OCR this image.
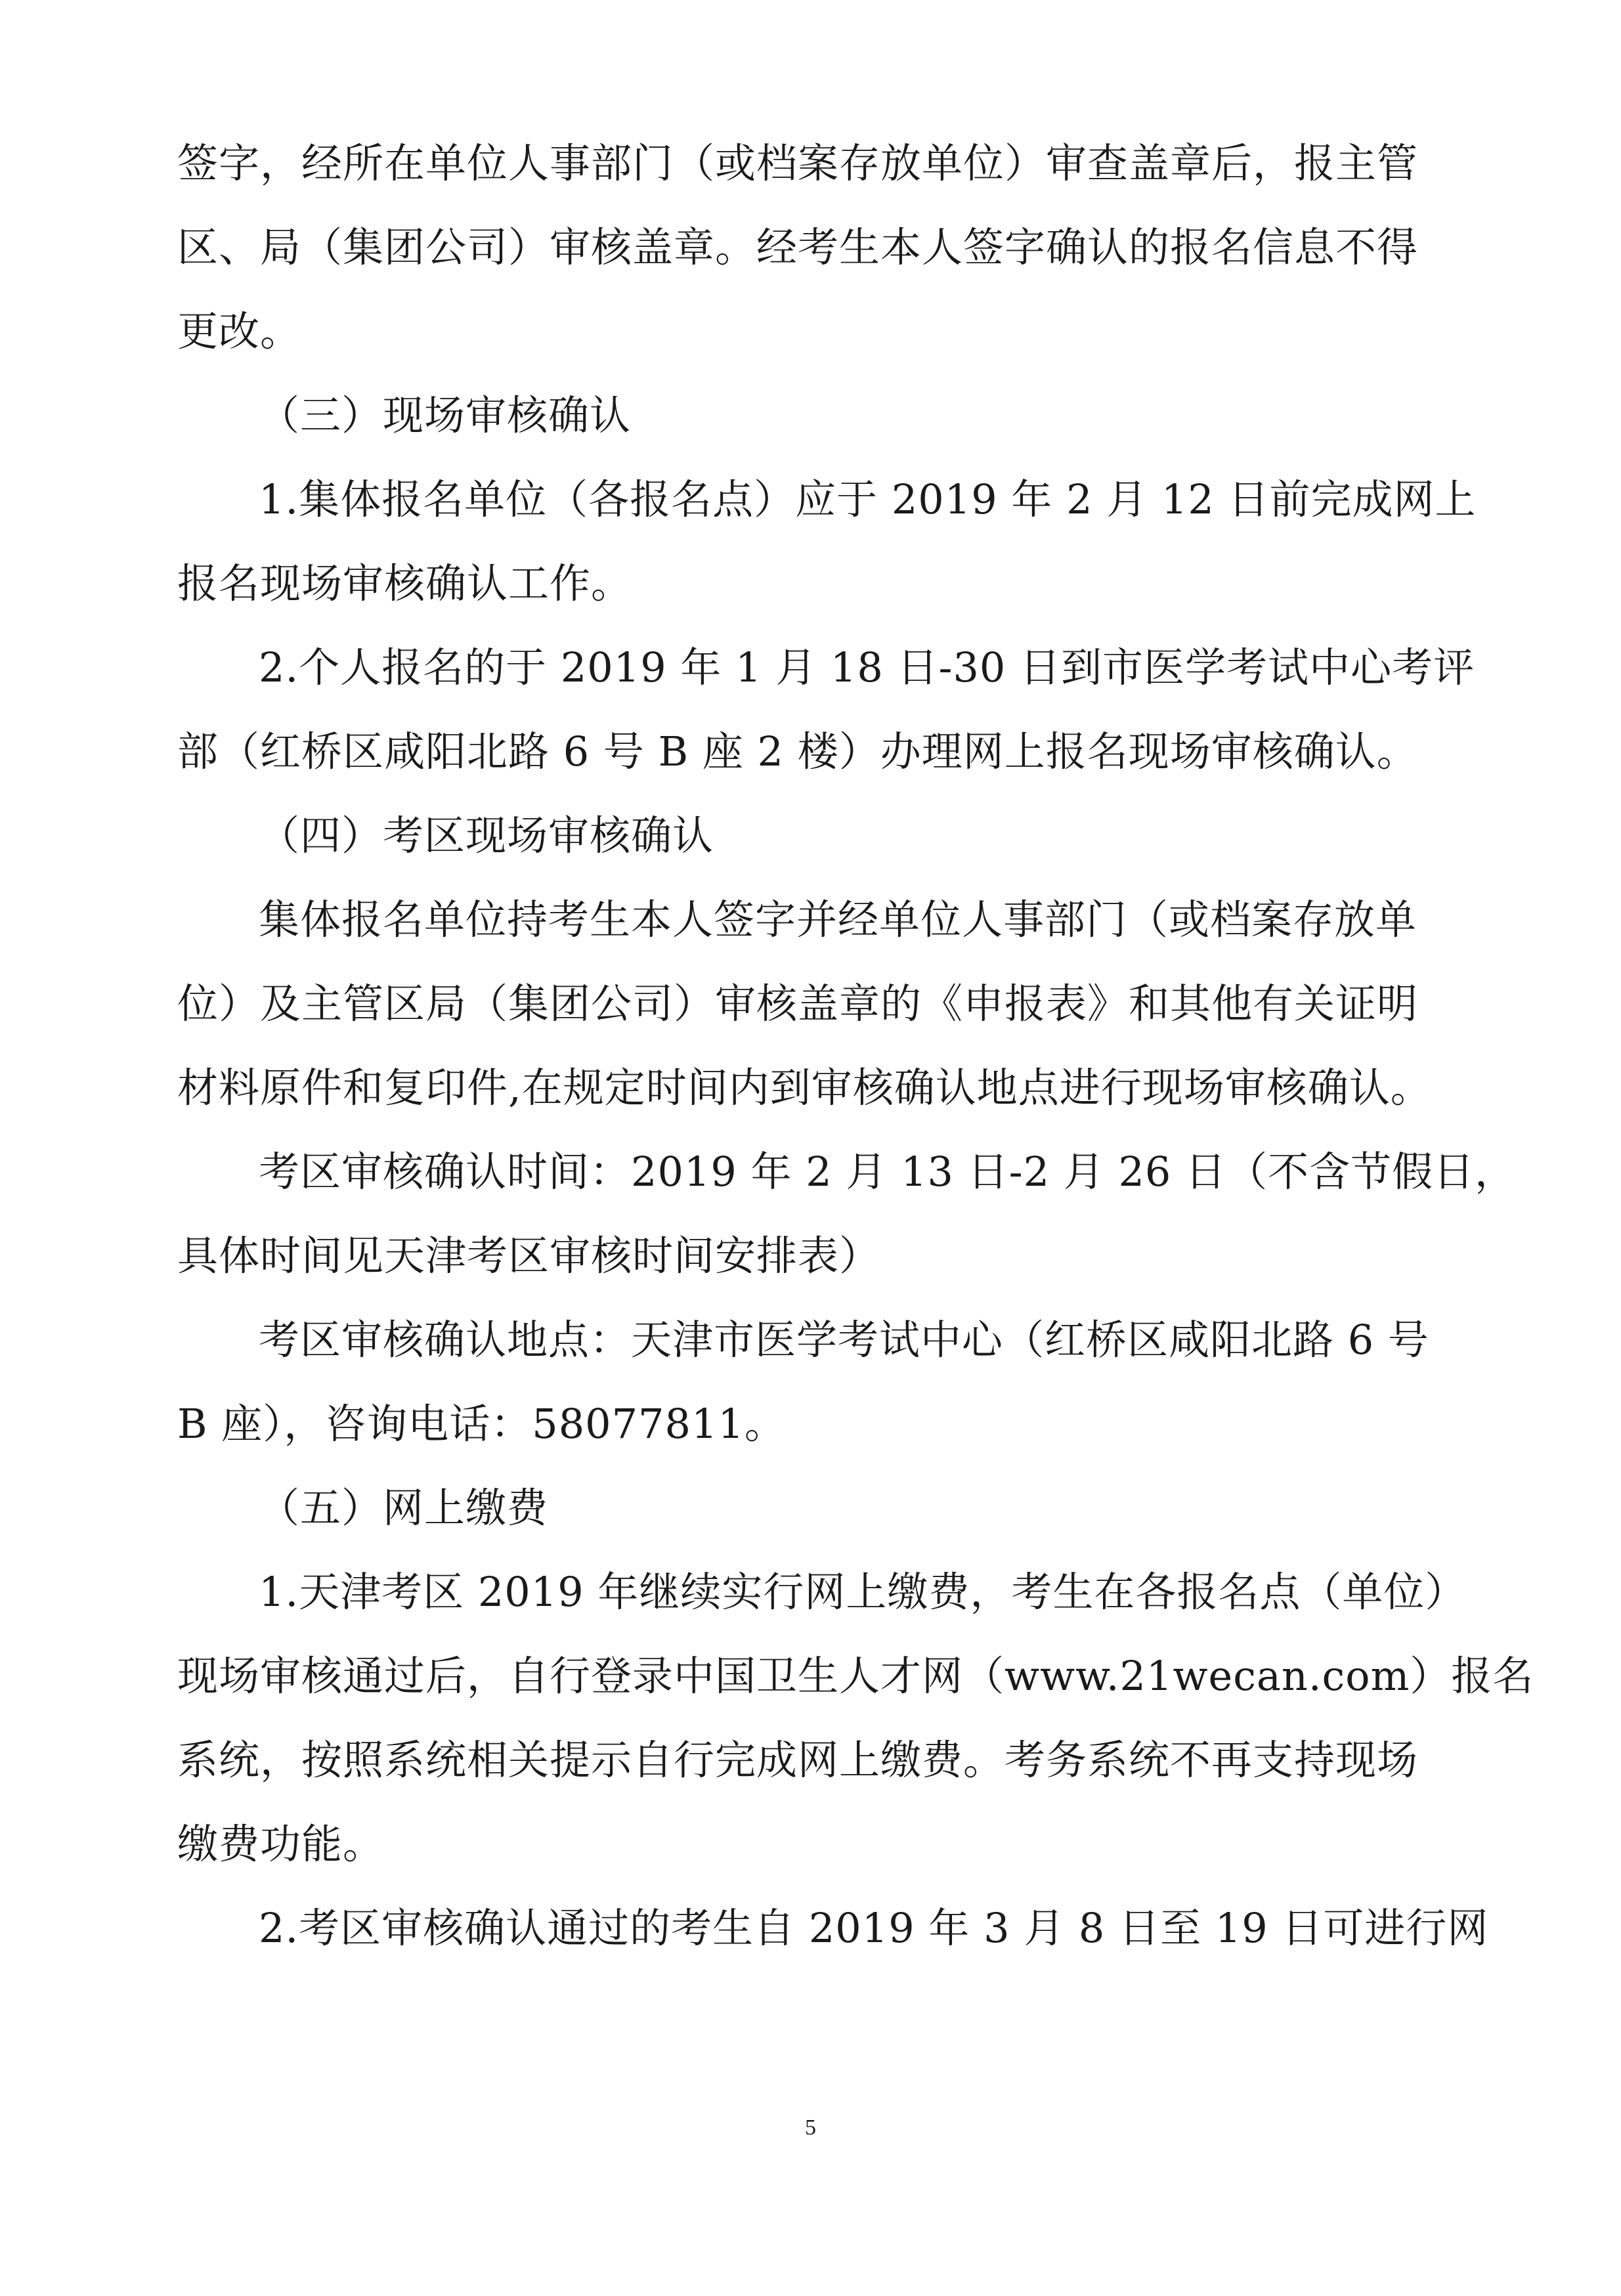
签字，经所在单位人事部门（或档案存放单位）审查盖章后，报主管
区、局（集团公司）审核盖章。经考生本人签字确认的报名信息不得
更改。
（三）现场审核确认
1.集体报名单位（各报名点）应于 2019 年 2 月 12 日前完成网上
报名现场审核确认工作。
2.个人报名的于 2019 年 1 月 18 日-30 日到市医学考试中心考评
部（红桥区咸阳北路 6 号 B 座 2 楼）办理网上报名现场审核确认。
（四）考区现场审核确认
集体报名单位持考生本人签字并经单位人事部门（或档案存放单
位）及主管区局（集团公司）审核盖章的《申报表》和其他有关证明
材料原件和复印件,在规定时间内到审核确认地点进行现场审核确认。
考区审核确认时间：2019 年 2 月 13 日-2 月 26 日（不含节假日，
具体时间见天津考区审核时间安排表）
考区审核确认地点：天津市医学考试中心（红桥区咸阳北路 6 号
B 座），咨询电话：58077811。
（五）网上缴费
1.天津考区 2019 年继续实行网上缴费，考生在各报名点（单位）
现场审核通过后，自行登录中国卫生人才网（www.21wecan.com）报名
系统，按照系统相关提示自行完成网上缴费。考务系统不再支持现场
缴费功能。
2.考区审核确认通过的考生自 2019 年 3 月 8 日至 19 日可进行网
5
